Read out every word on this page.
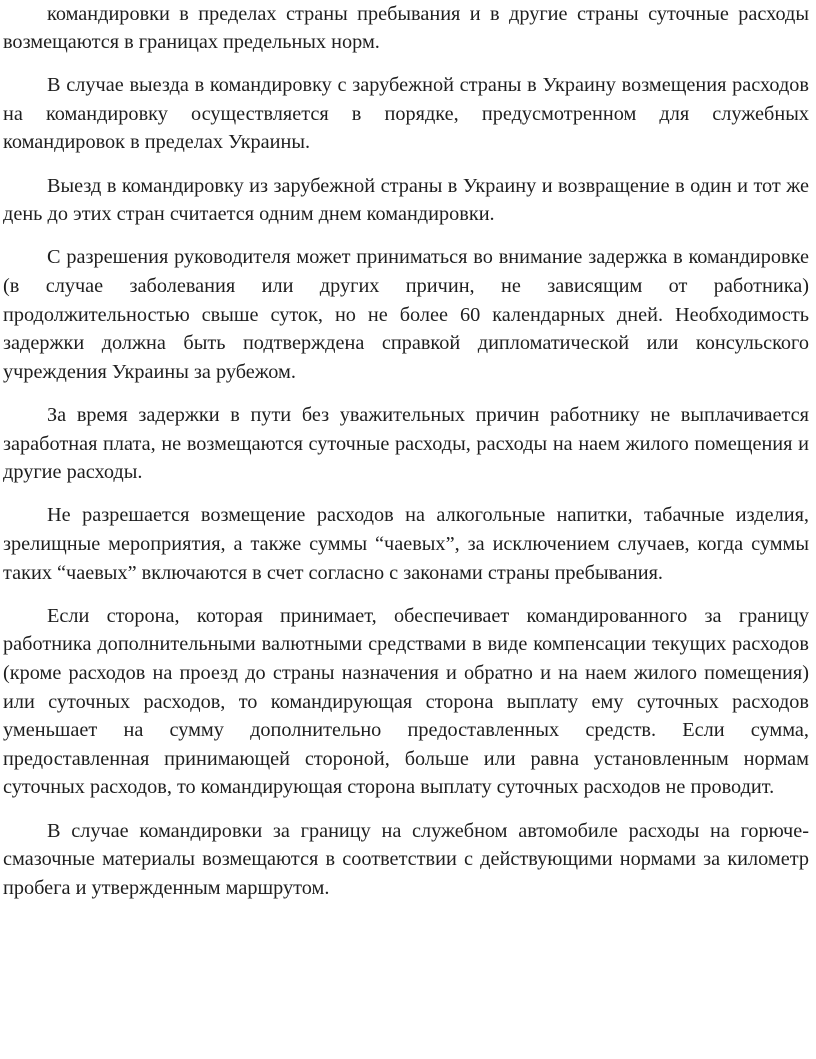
командировки в пределах страны пребывания и в другие страны суточные расходы возмещаются в границах предельных норм.

В случае выезда в командировку с зарубежной страны в Украину возмещения расходов на командировку осуществляется в порядке, предусмотренном для служебных командировок в пределах Украины.

Выезд в командировку из зарубежной страны в Украину и возвращение в один и тот же день до этих стран считается одним днем командировки.

С разрешения руководителя может приниматься во внимание задержка в командировке (в случае заболевания или других причин, не зависящим от работника) продолжительностью свыше суток, но не более 60 календарных дней. Необходимость задержки должна быть подтверждена справкой дипломатической или консульского учреждения Украины за рубежом.

За время задержки в пути без уважительных причин работнику не выплачивается заработная плата, не возмещаются суточные расходы, расходы на наем жилого помещения и другие расходы.

Не разрешается возмещение расходов на алкогольные напитки, табачные изделия, зрелищные мероприятия, а также суммы “чаевых”, за исключением случаев, когда суммы таких “чаевых” включаются в счет согласно с законами страны пребывания.

Если сторона, которая принимает, обеспечивает командированного за границу работника дополнительными валютными средствами в виде компенсации текущих расходов (кроме расходов на проезд до страны назначения и обратно и на наем жилого помещения) или суточных расходов, то командирующая сторона выплату ему суточных расходов уменьшает на сумму дополнительно предоставленных средств. Если сумма, предоставленная принимающей стороной, больше или равна установленным нормам суточных расходов, то командирующая сторона выплату суточных расходов не проводит.

В случае командировки за границу на служебном автомобиле расходы на горюче-смазочные материалы возмещаются в соответствии с действующими нормами за километр пробега и утвержденным маршрутом.
